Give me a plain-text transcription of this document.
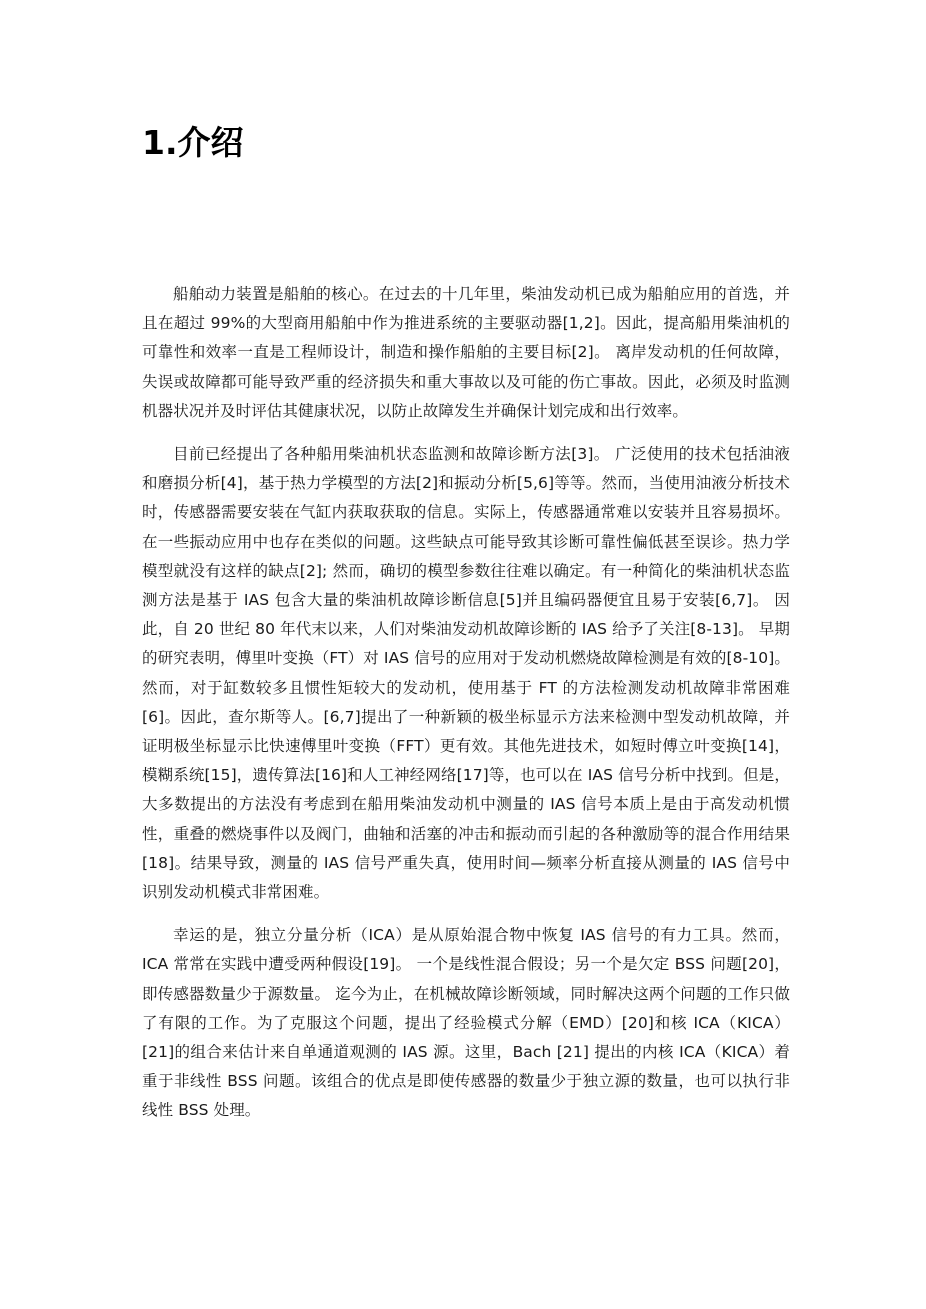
1.介绍

船舶动力装置是船舶的核心。在过去的十几年里，柴油发动机已成为船舶应用的首选，并且在超过 99%的大型商用船舶中作为推进系统的主要驱动器[1,2]。因此，提高船用柴油机的可靠性和效率一直是工程师设计，制造和操作船舶的主要目标[2]。 离岸发动机的任何故障，失误或故障都可能导致严重的经济损失和重大事故以及可能的伤亡事故。因此，必须及时监测机器状况并及时评估其健康状况，以防止故障发生并确保计划完成和出行效率。

目前已经提出了各种船用柴油机状态监测和故障诊断方法[3]。 广泛使用的技术包括油液和磨损分析[4]，基于热力学模型的方法[2]和振动分析[5,6]等等。然而，当使用油液分析技术时，传感器需要安装在气缸内获取获取的信息。实际上，传感器通常难以安装并且容易损坏。在一些振动应用中也存在类似的问题。这些缺点可能导致其诊断可靠性偏低甚至误诊。热力学模型就没有这样的缺点[2]; 然而，确切的模型参数往往难以确定。有一种简化的柴油机状态监测方法是基于 IAS 包含大量的柴油机故障诊断信息[5]并且编码器便宜且易于安装[6,7]。 因此，自 20 世纪 80 年代末以来，人们对柴油发动机故障诊断的 IAS 给予了关注[8-13]。 早期的研究表明，傅里叶变换（FT）对 IAS 信号的应用对于发动机燃烧故障检测是有效的[8-10]。然而，对于缸数较多且惯性矩较大的发动机，使用基于 FT 的方法检测发动机故障非常困难[6]。因此，查尔斯等人。[6,7]提出了一种新颖的极坐标显示方法来检测中型发动机故障，并证明极坐标显示比快速傅里叶变换（FFT）更有效。其他先进技术，如短时傅立叶变换[14]，模糊系统[15]，遗传算法[16]和人工神经网络[17]等，也可以在 IAS 信号分析中找到。但是，大多数提出的方法没有考虑到在船用柴油发动机中测量的 IAS 信号本质上是由于高发动机惯性，重叠的燃烧事件以及阀门，曲轴和活塞的冲击和振动而引起的各种激励等的混合作用结果[18]。结果导致，测量的 IAS 信号严重失真，使用时间—频率分析直接从测量的 IAS 信号中识别发动机模式非常困难。

幸运的是，独立分量分析（ICA）是从原始混合物中恢复 IAS 信号的有力工具。然而，ICA 常常在实践中遭受两种假设[19]。 一个是线性混合假设；另一个是欠定 BSS 问题[20]，即传感器数量少于源数量。 迄今为止，在机械故障诊断领域，同时解决这两个问题的工作只做了有限的工作。为了克服这个问题，提出了经验模式分解（EMD）[20]和核 ICA（KICA）[21]的组合来估计来自单通道观测的 IAS 源。这里，Bach [21] 提出的内核 ICA（KICA）着重于非线性 BSS 问题。该组合的优点是即使传感器的数量少于独立源的数量，也可以执行非线性 BSS 处理。
